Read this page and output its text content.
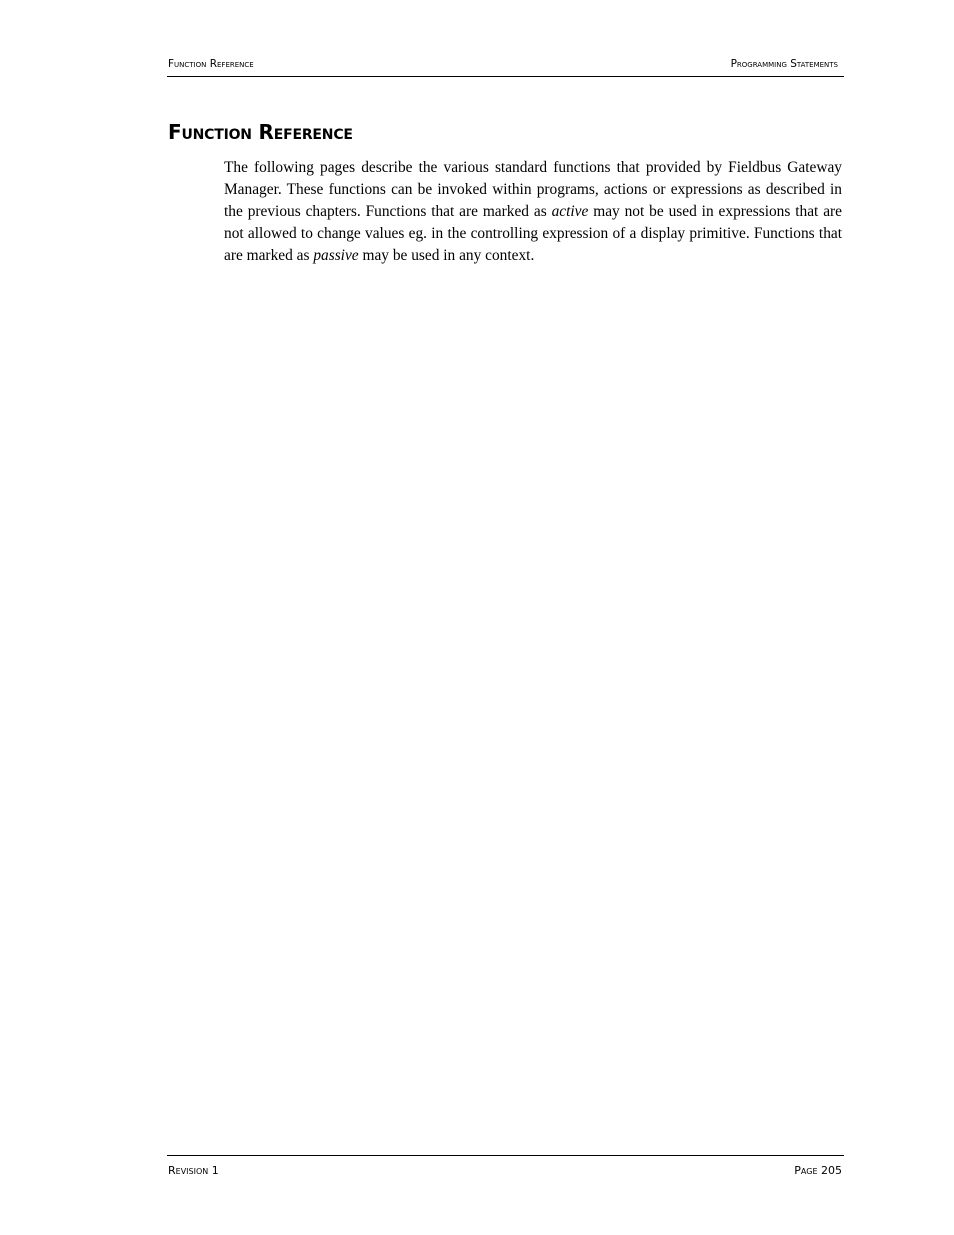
Function Reference	Programming Statements
Function Reference

The following pages describe the various standard functions that provided by Fieldbus Gateway Manager. These functions can be invoked within programs, actions or expressions as described in the previous chapters. Functions that are marked as active may not be used in expressions that are not allowed to change values eg. in the controlling expression of a display primitive. Functions that are marked as passive may be used in any context.

Revision 1	Page 205
